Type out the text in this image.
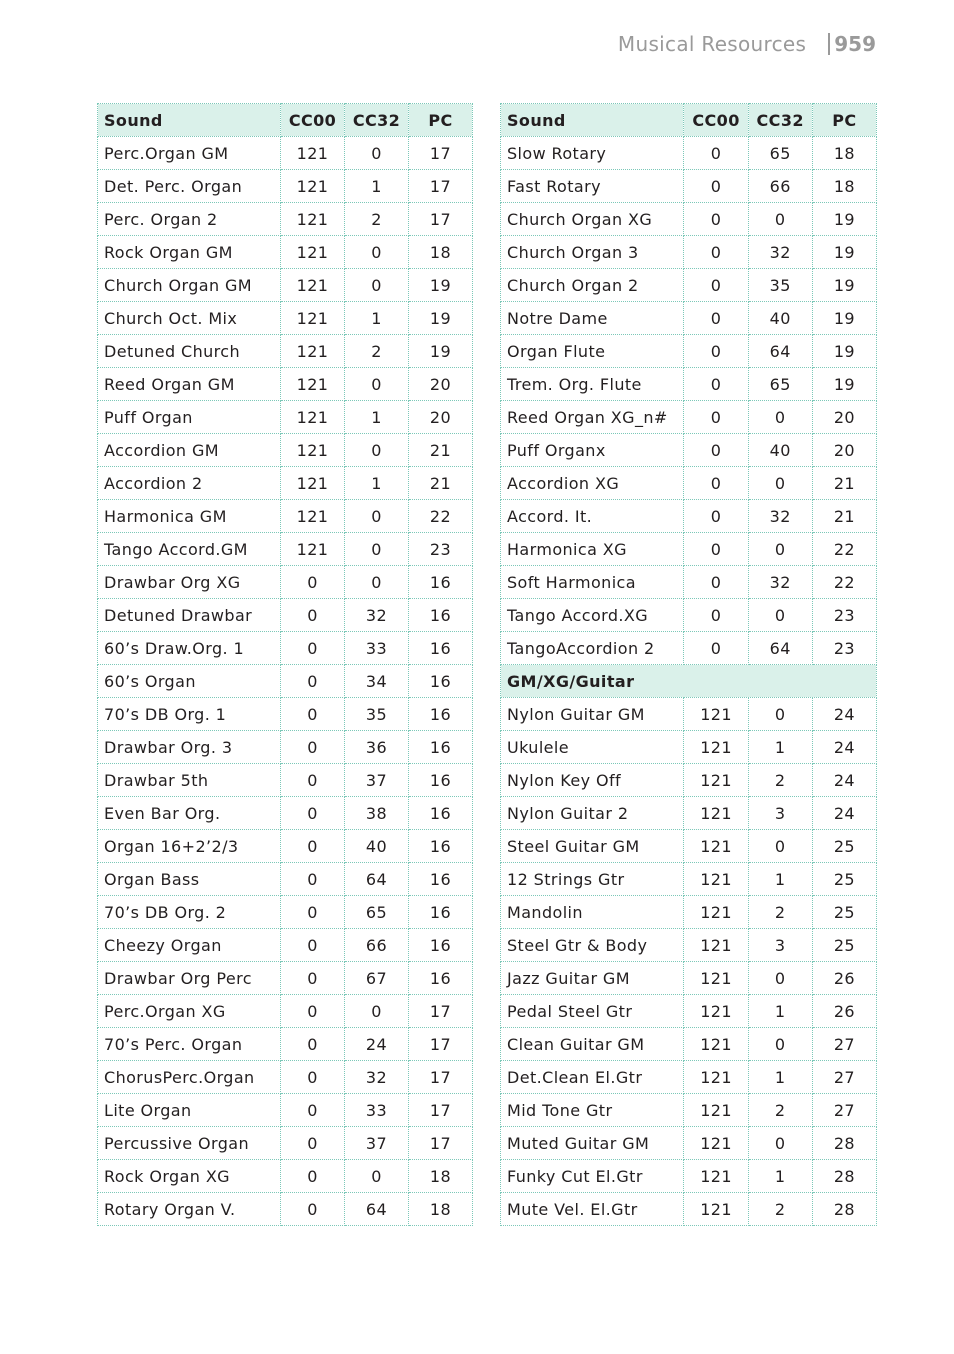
Musical Resources 959
Sound	CC00	CC32	PC
Perc.Organ GM	121	0	17
Det. Perc. Organ	121	1	17
Perc. Organ 2	121	2	17
Rock Organ GM	121	0	18
Church Organ GM	121	0	19
Church Oct. Mix	121	1	19
Detuned Church	121	2	19
Reed Organ GM	121	0	20
Puff Organ	121	1	20
Accordion GM	121	0	21
Accordion 2	121	1	21
Harmonica GM	121	0	22
Tango Accord.GM	121	0	23
Drawbar Org XG	0	0	16
Detuned Drawbar	0	32	16
60’s Draw.Org. 1	0	33	16
60’s Organ	0	34	16
70’s DB Org. 1	0	35	16
Drawbar Org. 3	0	36	16
Drawbar 5th	0	37	16
Even Bar Org.	0	38	16
Organ 16+2’2/3	0	40	16
Organ Bass	0	64	16
70’s DB Org. 2	0	65	16
Cheezy Organ	0	66	16
Drawbar Org Perc	0	67	16
Perc.Organ XG	0	0	17
70’s Perc. Organ	0	24	17
ChorusPerc.Organ	0	32	17
Lite Organ	0	33	17
Percussive Organ	0	37	17
Rock Organ XG	0	0	18
Rotary Organ V.	0	64	18
Sound	CC00	CC32	PC
Slow Rotary	0	65	18
Fast Rotary	0	66	18
Church Organ XG	0	0	19
Church Organ 3	0	32	19
Church Organ 2	0	35	19
Notre Dame	0	40	19
Organ Flute	0	64	19
Trem. Org. Flute	0	65	19
Reed Organ XG_n#	0	0	20
Puff Organx	0	40	20
Accordion XG	0	0	21
Accord. It.	0	32	21
Harmonica XG	0	0	22
Soft Harmonica	0	32	22
Tango Accord.XG	0	0	23
TangoAccordion 2	0	64	23
GM/XG/Guitar			
Nylon Guitar GM	121	0	24
Ukulele	121	1	24
Nylon Key Off	121	2	24
Nylon Guitar 2	121	3	24
Steel Guitar GM	121	0	25
12 Strings Gtr	121	1	25
Mandolin	121	2	25
Steel Gtr & Body	121	3	25
Jazz Guitar GM	121	0	26
Pedal Steel Gtr	121	1	26
Clean Guitar GM	121	0	27
Det.Clean El.Gtr	121	1	27
Mid Tone Gtr	121	2	27
Muted Guitar GM	121	0	28
Funky Cut El.Gtr	121	1	28
Mute Vel. El.Gtr	121	2	28
